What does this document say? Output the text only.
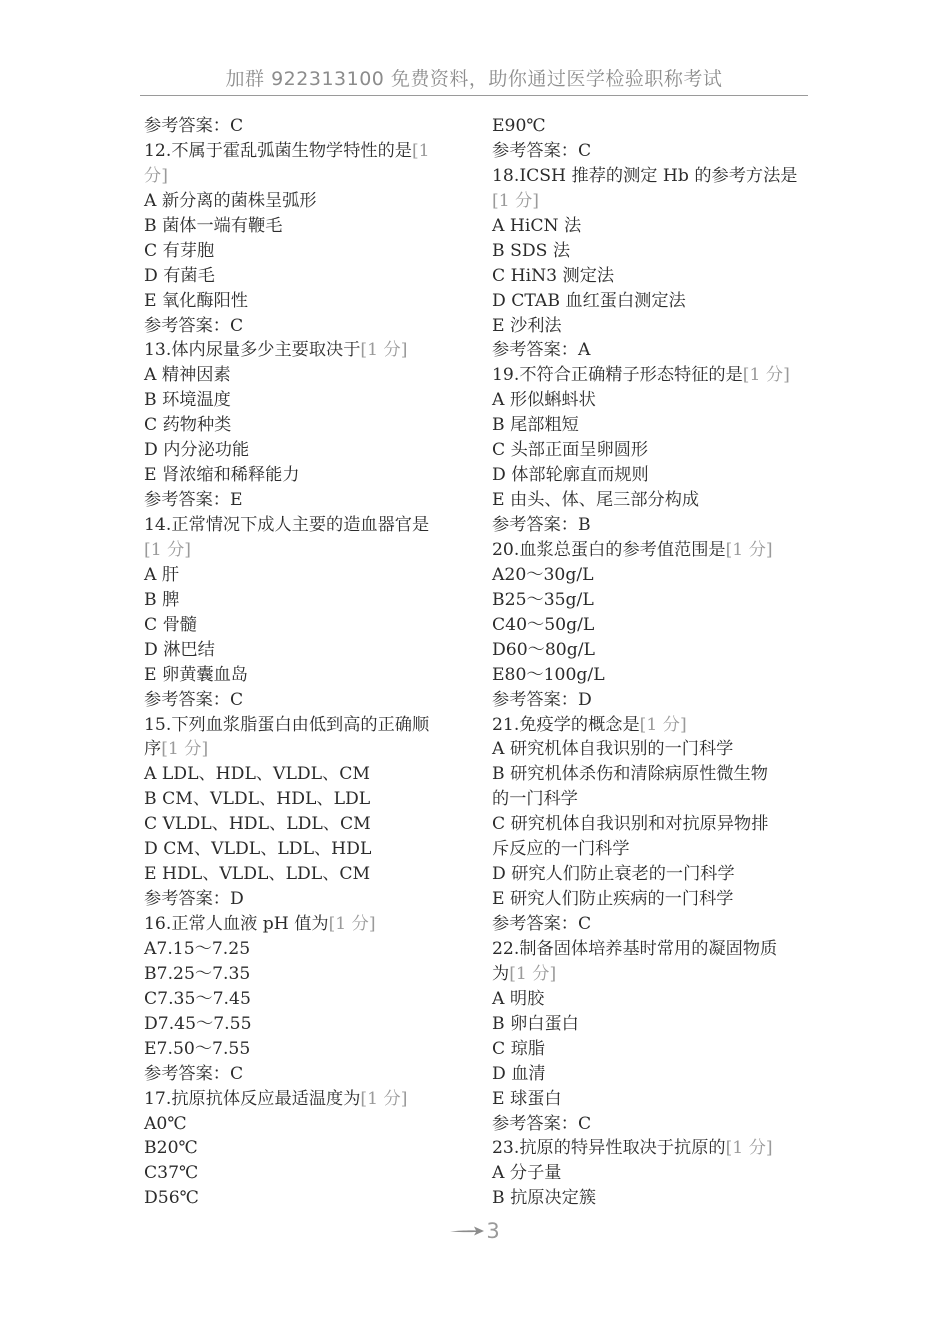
加群 922313100 免费资料，助你通过医学检验职称考试
参考答案：C
12.不属于霍乱弧菌生物学特性的是[1
分]
A 新分离的菌株呈弧形
B 菌体一端有鞭毛
C 有芽胞
D 有菌毛
E 氧化酶阳性
参考答案：C
13.体内尿量多少主要取决于[1 分]
A 精神因素
B 环境温度
C 药物种类
D 内分泌功能
E 肾浓缩和稀释能力
参考答案：E
14.正常情况下成人主要的造血器官是
[1 分]
A 肝
B 脾
C 骨髓
D 淋巴结
E 卵黄囊血岛
参考答案：C
15.下列血浆脂蛋白由低到高的正确顺
序[1 分]
A LDL、HDL、VLDL、CM
B CM、VLDL、HDL、LDL
C VLDL、HDL、LDL、CM
D CM、VLDL、LDL、HDL
E HDL、VLDL、LDL、CM
参考答案：D
16.正常人血液 pH 值为[1 分]
A7.15～7.25
B7.25～7.35
C7.35～7.45
D7.45～7.55
E7.50～7.55
参考答案：C
17.抗原抗体反应最适温度为[1 分]
A0℃
B20℃
C37℃
D56℃
E90℃
参考答案：C
18.ICSH 推荐的测定 Hb 的参考方法是
[1 分]
A HiCN 法
B SDS 法
C HiN3 测定法
D CTAB 血红蛋白测定法
E 沙利法
参考答案：A
19.不符合正确精子形态特征的是[1 分]
A 形似蝌蚪状
B 尾部粗短
C 头部正面呈卵圆形
D 体部轮廓直而规则
E 由头、体、尾三部分构成
参考答案：B
20.血浆总蛋白的参考值范围是[1 分]
A20～30g/L
B25～35g/L
C40～50g/L
D60～80g/L
E80～100g/L
参考答案：D
21.免疫学的概念是[1 分]
A 研究机体自我识别的一门科学
B 研究机体杀伤和清除病原性微生物
的一门科学
C 研究机体自我识别和对抗原异物排
斥反应的一门科学
D 研究人们防止衰老的一门科学
E 研究人们防止疾病的一门科学
参考答案：C
22.制备固体培养基时常用的凝固物质
为[1 分]
A 明胶
B 卵白蛋白
C 琼脂
D 血清
E 球蛋白
参考答案：C
23.抗原的特异性取决于抗原的[1 分]
A 分子量
B 抗原决定簇
3
